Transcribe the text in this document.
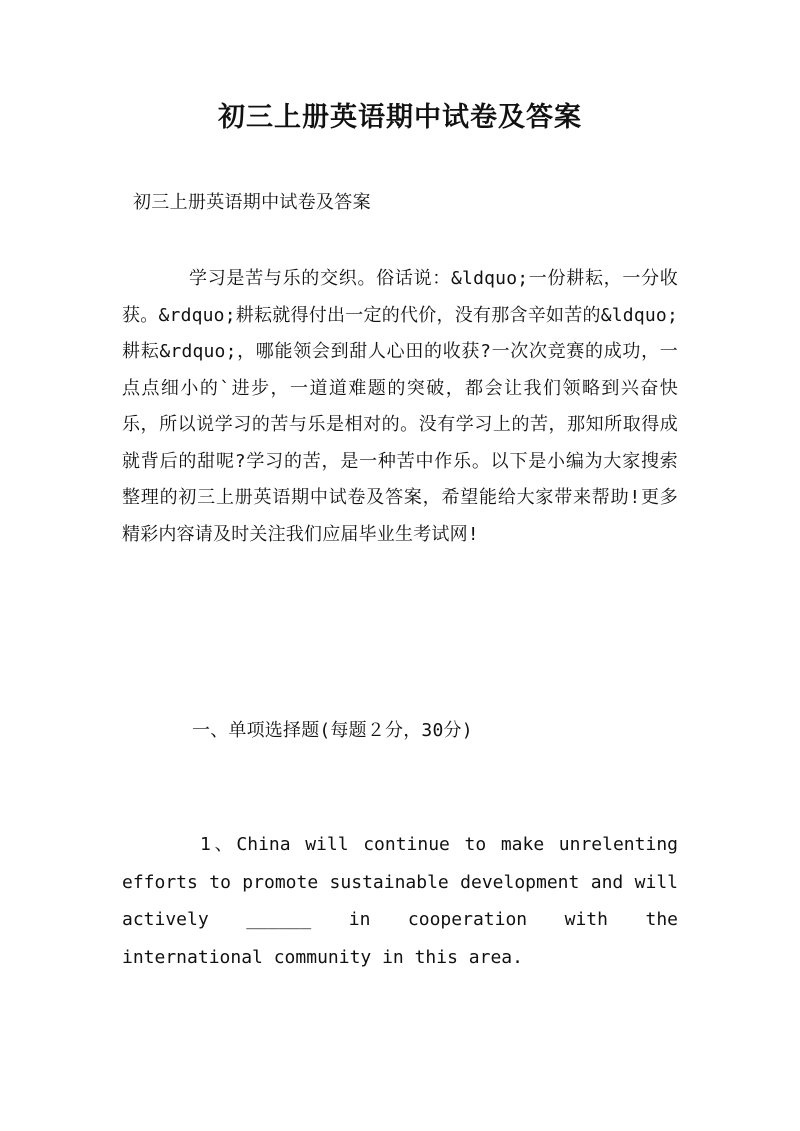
初三上册英语期中试卷及答案
初三上册英语期中试卷及答案

学习是苦与乐的交织。俗话说：&ldquo;一份耕耘，一分收获。&rdquo;耕耘就得付出一定的代价，没有那含辛如苦的&ldquo;耕耘&rdquo;，哪能领会到甜人心田的收获?一次次竞赛的成功，一点点细小的`进步，一道道难题的突破，都会让我们领略到兴奋快乐，所以说学习的苦与乐是相对的。没有学习上的苦，那知所取得成就背后的甜呢?学习的苦，是一种苦中作乐。以下是小编为大家搜索整理的初三上册英语期中试卷及答案，希望能给大家带来帮助!更多精彩内容请及时关注我们应届毕业生考试网!

一、单项选择题(每题２分，30分)
1、China will continue to make unrelenting
efforts to promote sustainable development and will
actively ______ in cooperation with the
international community in this area.
